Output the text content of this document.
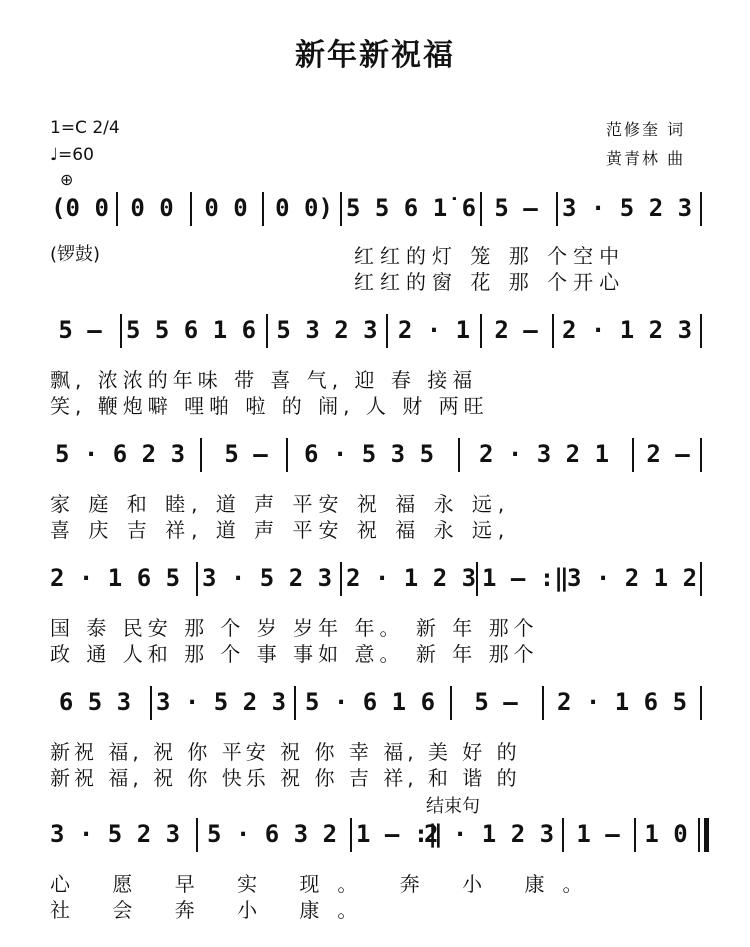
新年新祝福
1=C 2/4
♩=60
范修奎 词
黄青林 曲
⊕
(0 0 0 0	0 0	0 0) 5 5 6 1̇ 6 5 –	3 · 5 2 3
(锣鼓)	红红的灯 笼 那 个空中
红红的窗 花 那 个开心
5 –	5 5 6 1 6 5 3 2 3 2 · 1	2 –	2 · 1 2 3
飘, 浓浓的年味 带 喜 气, 迎 春 接福
笑, 鞭炮噼 哩啪 啦 的 闹, 人 财 两旺
5 · 6 2 3	5 –	6 · 5 3 5	2 · 3 2 1	2 –
家 庭 和 睦, 道 声 平安 祝 福 永 远,
喜 庆 吉 祥, 道 声 平安 祝 福 永 远,
2 · 1 6 5 3 · 5 2 3 2 · 1 2 3 1 – :‖
3 · 2 1 2
国 泰 民安 那 个 岁 岁年 年。 新 年 那个
政 通 人和 那 个 事 事如 意。 新 年 那个
6 5 3	3 · 5 2 3 5 · 6 1 6	5 –	2 · 1 6 5
新祝 福, 祝 你 平安 祝 你 幸 福, 美 好 的
新祝 福, 祝 你 快乐 祝 你 吉 祥, 和 谐 的
结束句
3 · 5 2 3 5 · 6 3 2 1 – :‖
2 · 1 2 3 1 –	1 0
心 愿 早 实 现。 奔 小 康。
社 会 奔 小 康。
